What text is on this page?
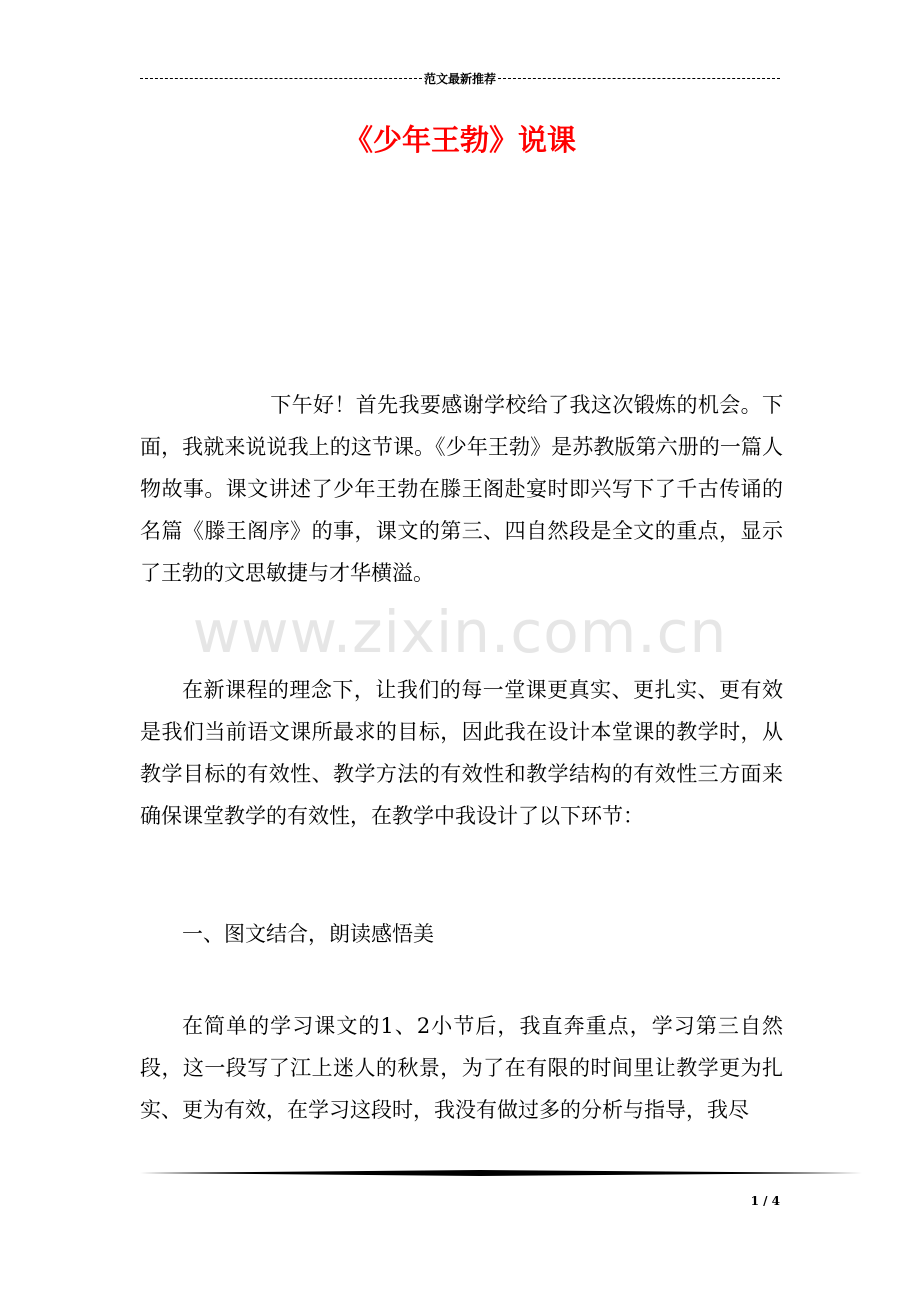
范文最新推荐
《少年王勃》说课
www.zixin.com.cn

下午好！首先我要感谢学校给了我这次锻炼的机会。下面，我就来说说我上的这节课。《少年王勃》是苏教版第六册的一篇人物故事。课文讲述了少年王勃在滕王阁赴宴时即兴写下了千古传诵的名篇《滕王阁序》的事，课文的第三、四自然段是全文的重点，显示了王勃的文思敏捷与才华横溢。

在新课程的理念下，让我们的每一堂课更真实、更扎实、更有效是我们当前语文课所最求的目标，因此我在设计本堂课的教学时，从教学目标的有效性、教学方法的有效性和教学结构的有效性三方面来确保课堂教学的有效性，在教学中我设计了以下环节：

一、图文结合，朗读感悟美

在简单的学习课文的1、2小节后，我直奔重点，学习第三自然段，这一段写了江上迷人的秋景，为了在有限的时间里让教学更为扎实、更为有效，在学习这段时，我没有做过多的分析与指导，我尽

1 / 4
